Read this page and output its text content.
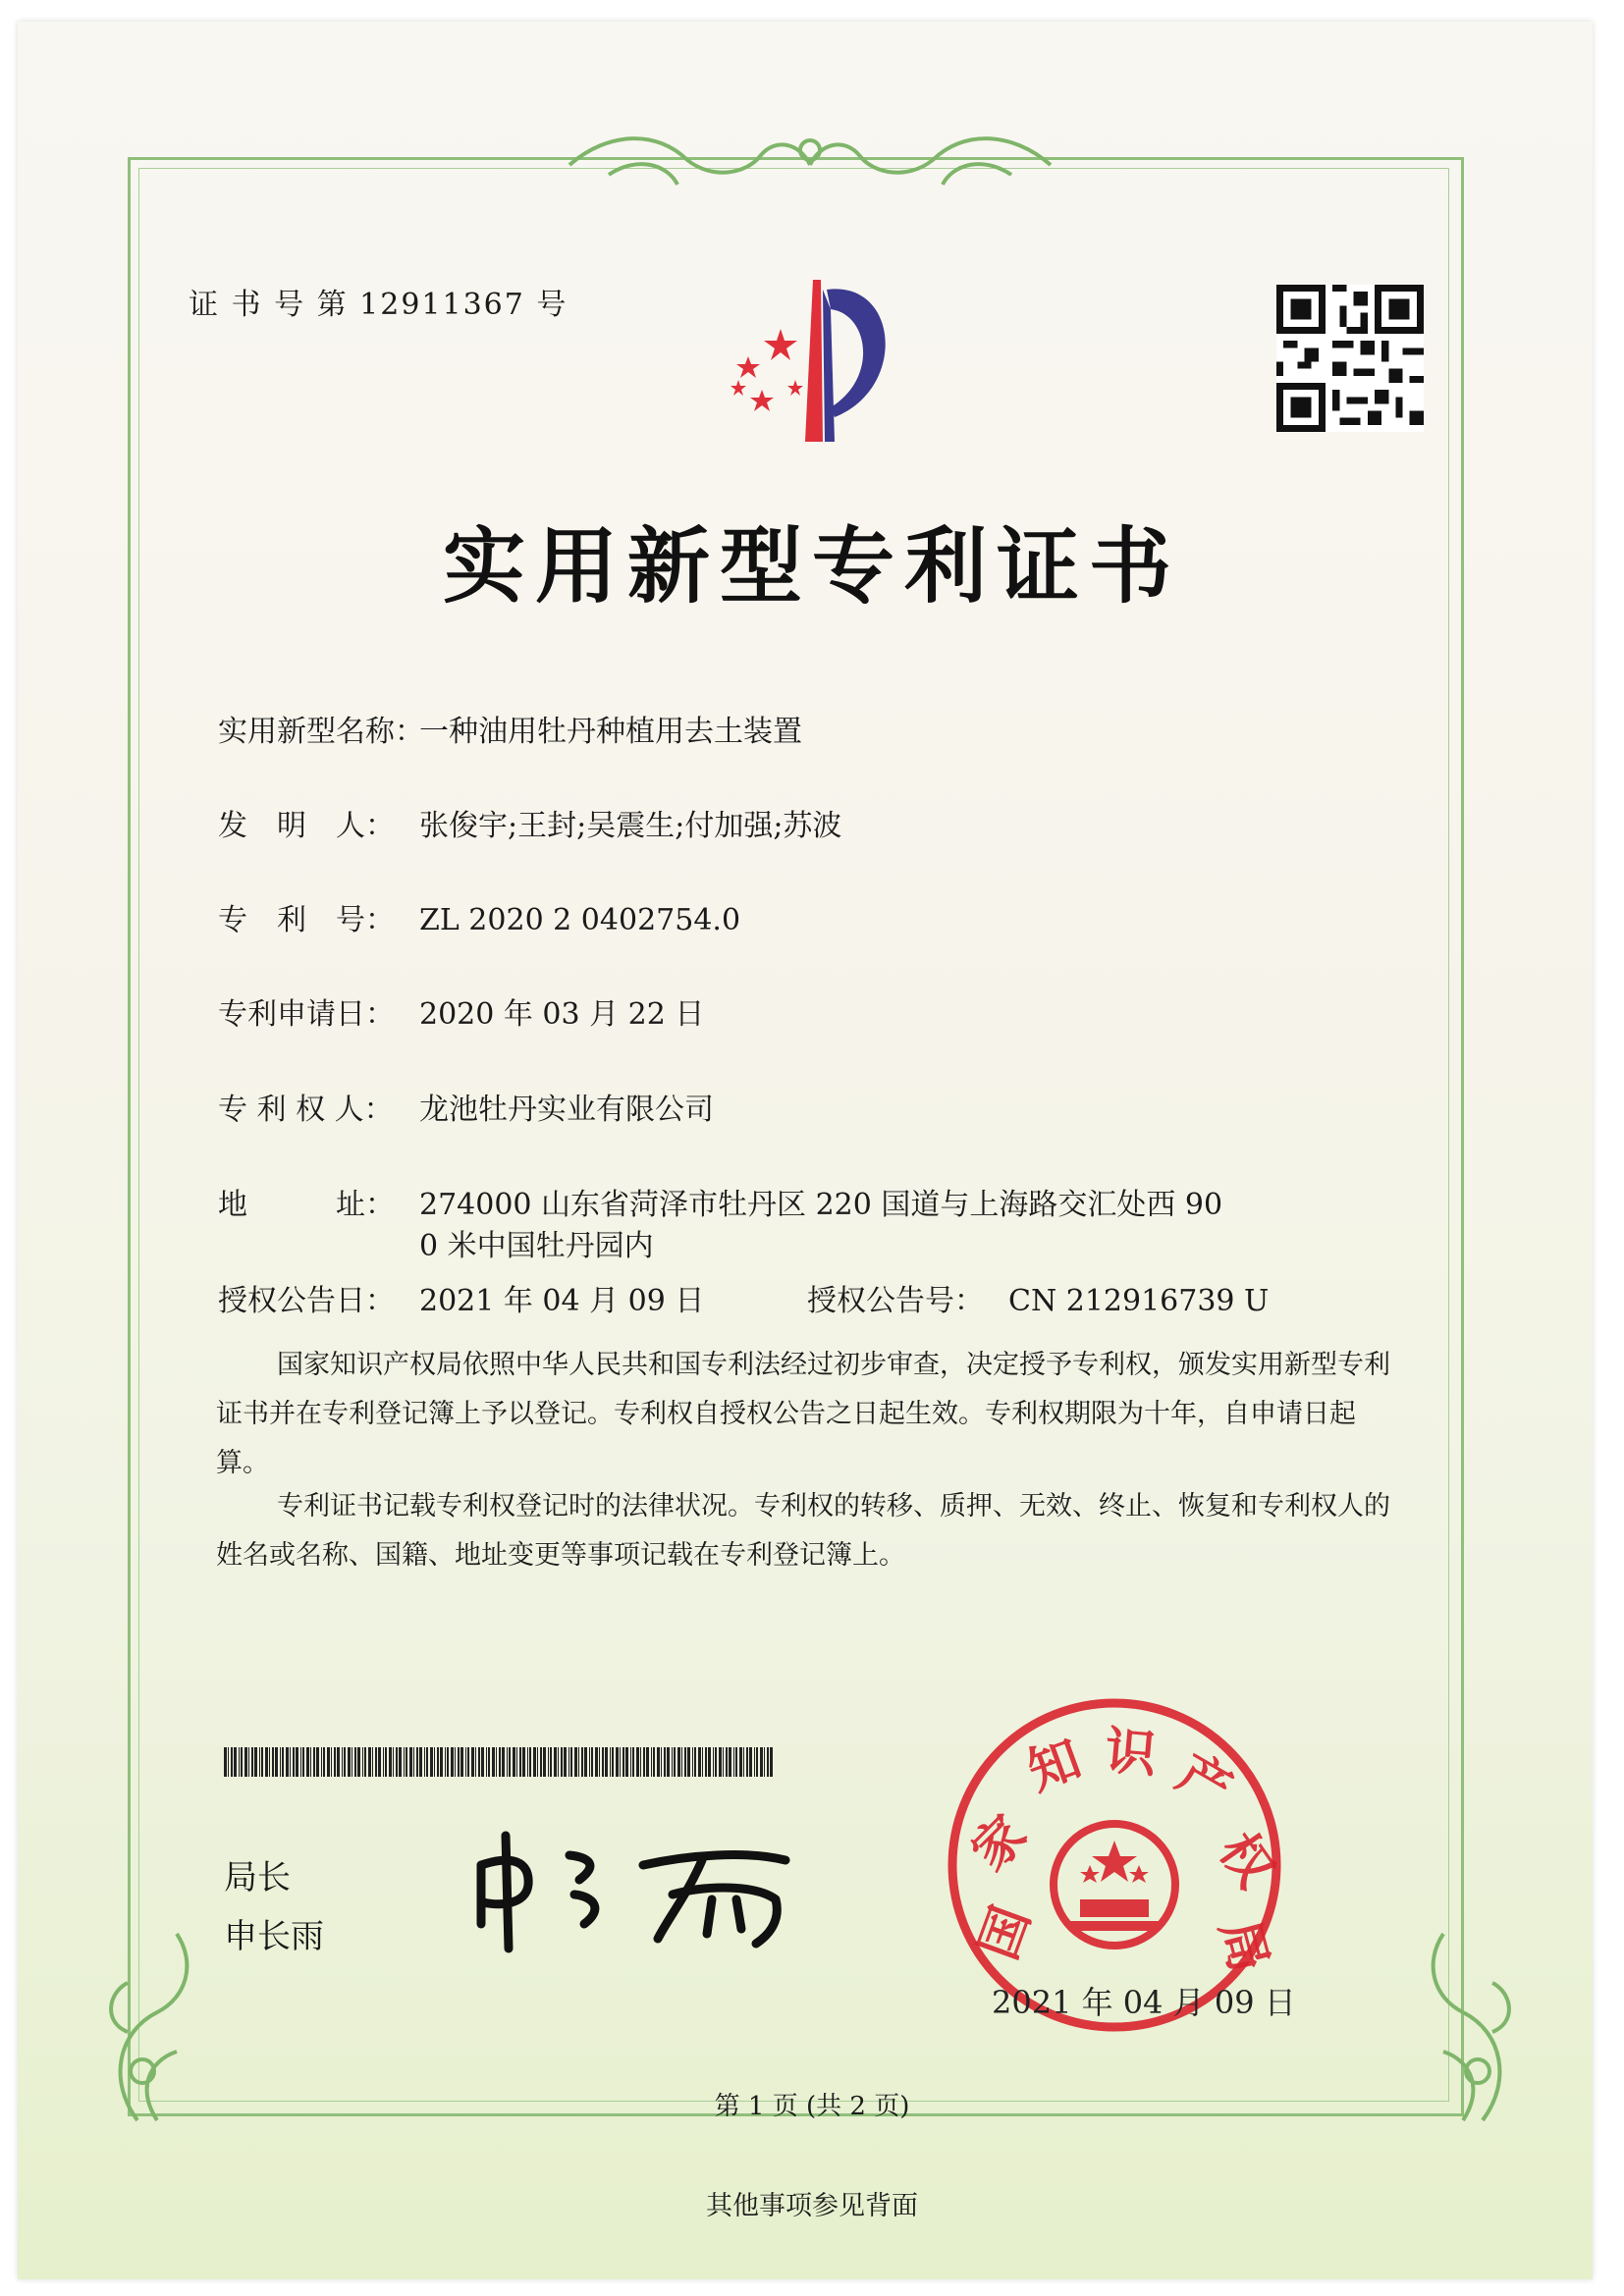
证 书 号 第 12911367 号
实用新型专利证书
实用新型名称：一种油用牡丹种植用去土装置
发　明　人： 张俊宇;王封;吴震生;付加强;苏波
专　利　号： ZL 2020 2 0402754.0
专利申请日： 2020 年 03 月 22 日
专 利 权 人： 龙池牡丹实业有限公司
地　　　址： 274000 山东省菏泽市牡丹区 220 国道与上海路交汇处西 90
0 米中国牡丹园内
授权公告日： 2021 年 04 月 09 日	授权公告号： CN 212916739 U
国家知识产权局依照中华人民共和国专利法经过初步审查，决定授予专利权，颁发实用新型专利证书并在专利登记簿上予以登记。专利权自授权公告之日起生效。专利权期限为十年，自申请日起算。
专利证书记载专利权登记时的法律状况。专利权的转移、质押、无效、终止、恢复和专利权人的姓名或名称、国籍、地址变更等事项记载在专利登记簿上。
局长
申长雨	国
家
知 识 产
权
局
2021 年 04 月 09 日
第 1 页 (共 2 页)
其他事项参见背面
